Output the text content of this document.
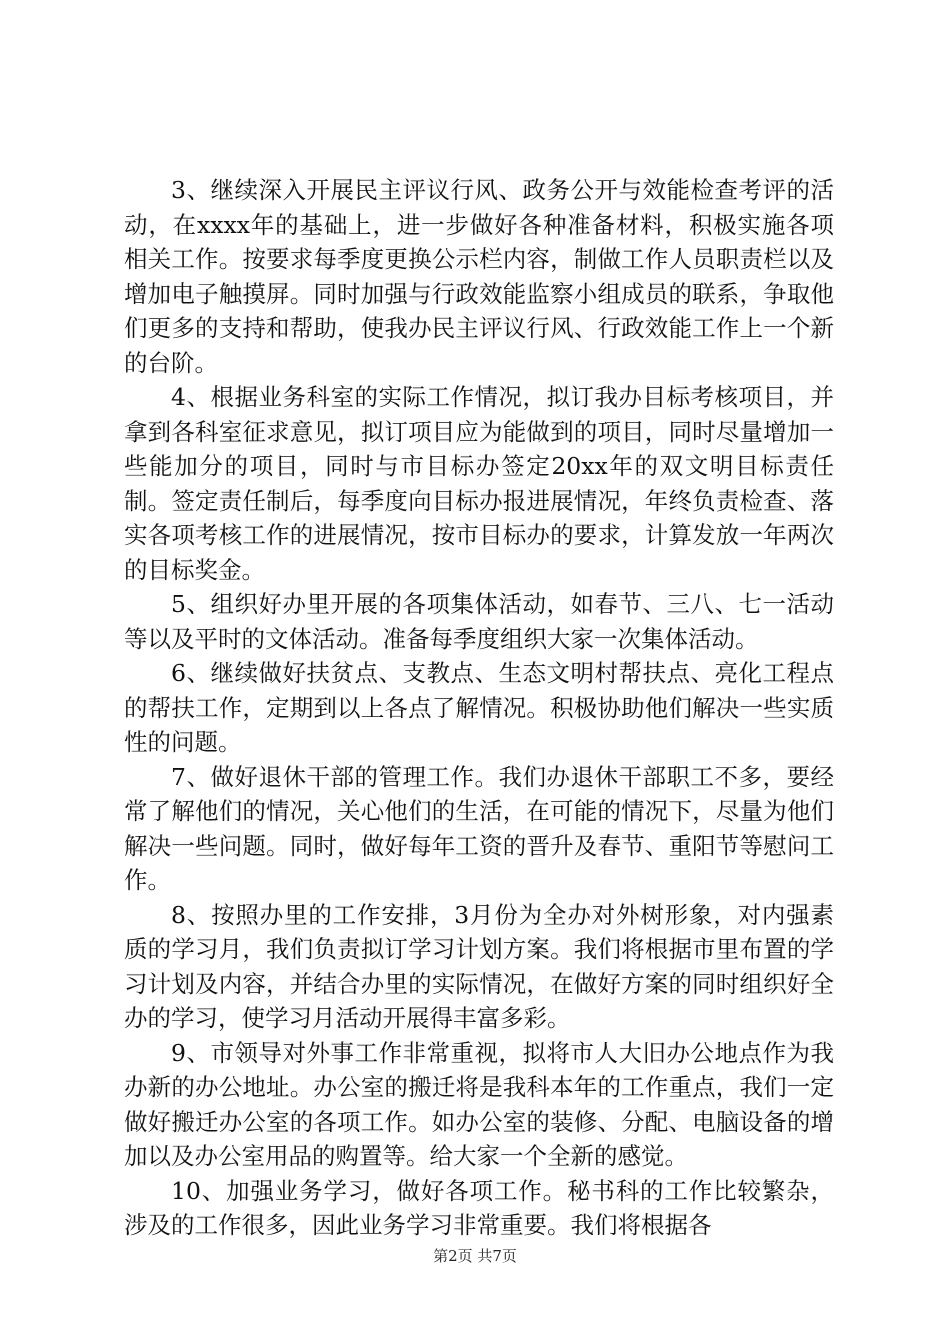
3、继续深入开展民主评议行风、政务公开与效能检查考评的活动，在xxxx年的基础上，进一步做好各种准备材料，积极实施各项相关工作。按要求每季度更换公示栏内容，制做工作人员职责栏以及增加电子触摸屏。同时加强与行政效能监察小组成员的联系，争取他们更多的支持和帮助，使我办民主评议行风、行政效能工作上一个新的台阶。

4、根据业务科室的实际工作情况，拟订我办目标考核项目，并拿到各科室征求意见，拟订项目应为能做到的项目，同时尽量增加一些能加分的项目，同时与市目标办签定20xx年的双文明目标责任制。签定责任制后，每季度向目标办报进展情况，年终负责检查、落实各项考核工作的进展情况，按市目标办的要求，计算发放一年两次的目标奖金。

5、组织好办里开展的各项集体活动，如春节、三八、七一活动等以及平时的文体活动。准备每季度组织大家一次集体活动。

6、继续做好扶贫点、支教点、生态文明村帮扶点、亮化工程点的帮扶工作，定期到以上各点了解情况。积极协助他们解决一些实质性的问题。

7、做好退休干部的管理工作。我们办退休干部职工不多，要经常了解他们的情况，关心他们的生活，在可能的情况下，尽量为他们解决一些问题。同时，做好每年工资的晋升及春节、重阳节等慰问工作。

8、按照办里的工作安排，3月份为全办对外树形象，对内强素质的学习月，我们负责拟订学习计划方案。我们将根据市里布置的学习计划及内容，并结合办里的实际情况，在做好方案的同时组织好全办的学习，使学习月活动开展得丰富多彩。

9、市领导对外事工作非常重视，拟将市人大旧办公地点作为我办新的办公地址。办公室的搬迁将是我科本年的工作重点，我们一定做好搬迁办公室的各项工作。如办公室的装修、分配、电脑设备的增加以及办公室用品的购置等。给大家一个全新的感觉。

10、加强业务学习，做好各项工作。秘书科的工作比较繁杂，涉及的工作很多，因此业务学习非常重要。我们将根据各

第2页 共7页
